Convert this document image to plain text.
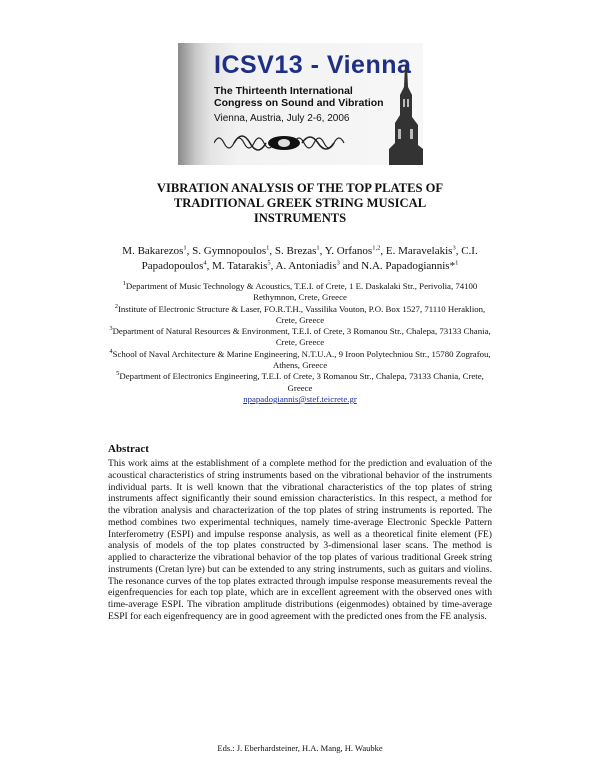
ICSV13 - Vienna
The Thirteenth International Congress on Sound and Vibration
Vienna, Austria, July 2-6, 2006
VIBRATION ANALYSIS OF THE TOP PLATES OF
TRADITIONAL GREEK STRING MUSICAL
INSTRUMENTS
M. Bakarezos$^1$, S. Gymnopoulos$^1$, S. Brezas$^1$, Y. Orfanos$^{1,2}$, E. Maravelakis$^3$, C.I. Papadopoulos$^4$, M. Tatarakis$^5$, A. Antoniadis$^3$ and N.A. Papadogiannis*$^1$
$^1$Department of Music Technology & Acoustics, T.E.I. of Crete, 1 E. Daskalaki Str., Perivolia, 74100 Rethymnon, Crete, Greece
$^2$Institute of Electronic Structure & Laser, FO.R.T.H., Vassilika Vouton, P.O. Box 1527, 71110 Heraklion, Crete, Greece
$^3$Department of Natural Resources & Environment, T.E.I. of Crete, 3 Romanou Str., Chalepa, 73133 Chania, Crete, Greece
$^4$School of Naval Architecture & Marine Engineering, N.T.U.A., 9 Iroon Polytechniou Str., 15780 Zografou, Athens, Greece
$^5$Department of Electronics Engineering, T.E.I. of Crete, 3 Romanou Str., Chalepa, 73133 Chania, Crete, Greece
npapadogiannis@stef.teicrete.gr
Abstract
This work aims at the establishment of a complete method for the prediction and evaluation of the acoustical characteristics of string instruments based on the vibrational behavior of the instruments individual parts. It is well known that the vibrational characteristics of the top plates of string instruments affect significantly their sound emission characteristics. In this respect, a method for the vibration analysis and characterization of the top plates of string instruments is reported. The method combines two experimental techniques, namely time-average Electronic Speckle Pattern Interferometry (ESPI) and impulse response analysis, as well as a theoretical finite element (FE) analysis of models of the top plates constructed by 3-dimensional laser scans. The method is applied to characterize the vibrational behavior of the top plates of various traditional Greek string instruments (Cretan lyre) but can be extended to any string instruments, such as guitars and violins. The resonance curves of the top plates extracted through impulse response measurements reveal the eigenfrequencies for each top plate, which are in excellent agreement with the observed ones with time-average ESPI. The vibration amplitude distributions (eigenmodes) obtained by time-average ESPI for each eigenfrequency are in good agreement with the predicted ones from the FE analysis.
Eds.: J. Eberhardsteiner, H.A. Mang, H. Waubke
